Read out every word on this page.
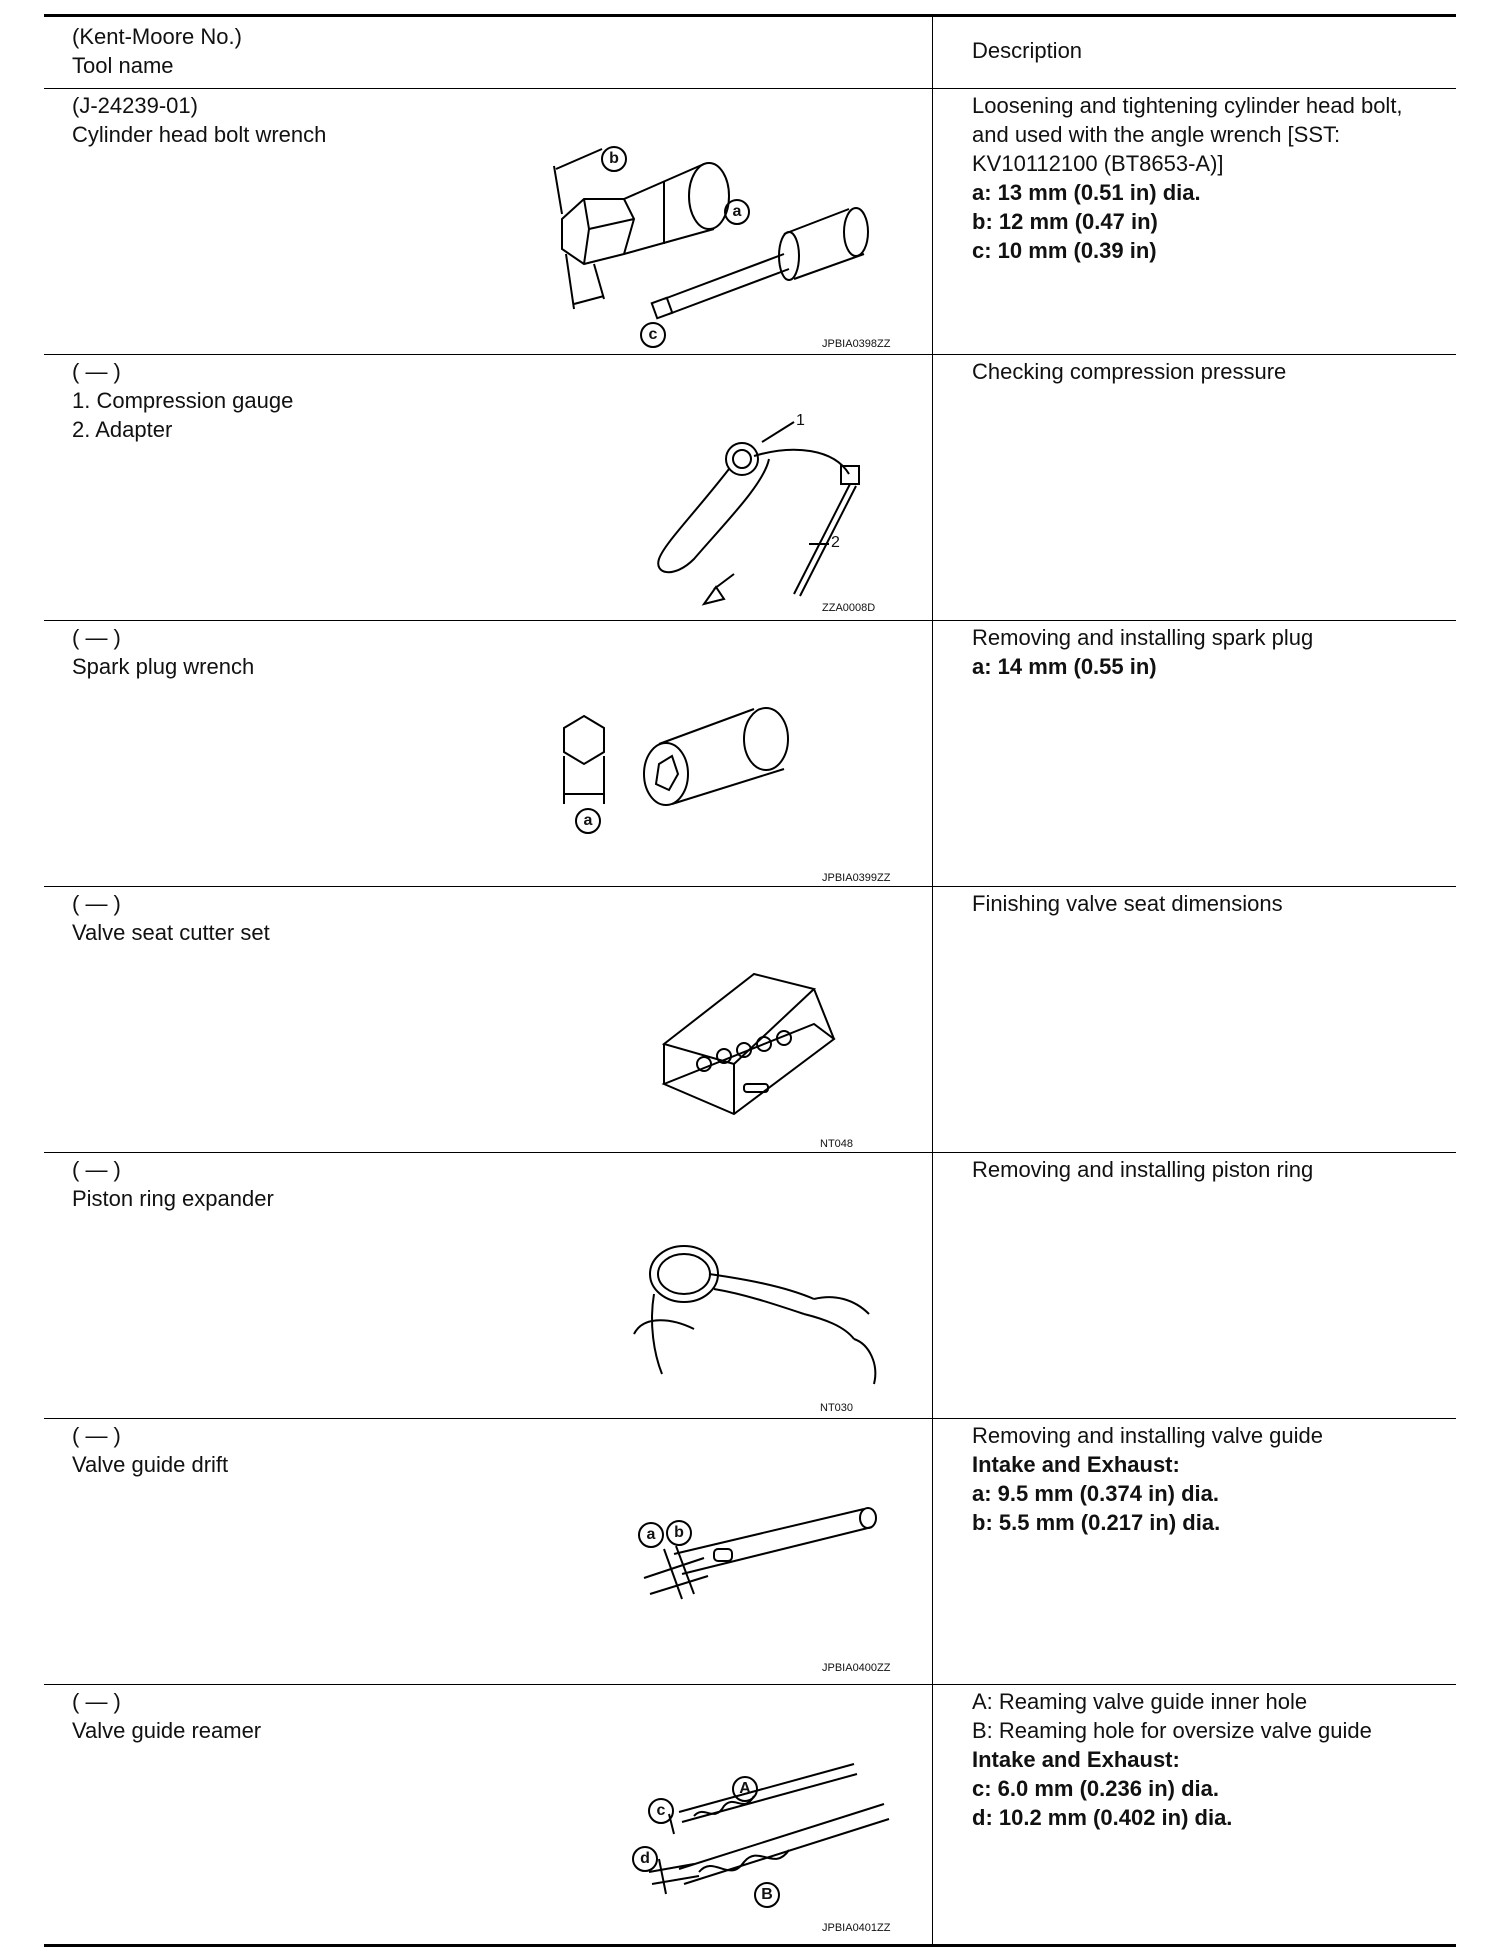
(Kent-Moore No.)
Tool name
Description
(J-24239-01)
Cylinder head bolt wrench
b
a
c
JPBIA0398ZZ
Loosening and tightening cylinder head bolt,
and used with the angle wrench [SST:
KV10112100 (BT8653-A)]
a: 13 mm (0.51 in) dia.
b: 12 mm (0.47 in)
c: 10 mm (0.39 in)
( — )
1. Compression gauge
2. Adapter	1
2
ZZA0008D
Checking compression pressure
( — )
Spark plug wrench
a
JPBIA0399ZZ
Removing and installing spark plug
a: 14 mm (0.55 in)
( — )
Valve seat cutter set
NT048
Finishing valve seat dimensions
( — )
Piston ring expander
NT030
Removing and installing piston ring
( — )
Valve guide drift
a	b
JPBIA0400ZZ
Removing and installing valve guide
Intake and Exhaust:
a: 9.5 mm (0.374 in) dia.
b: 5.5 mm (0.217 in) dia.
( — )
Valve guide reamer
c
A
d
B
JPBIA0401ZZ
A: Reaming valve guide inner hole
B: Reaming hole for oversize valve guide
Intake and Exhaust:
c: 6.0 mm (0.236 in) dia.
d: 10.2 mm (0.402 in) dia.
